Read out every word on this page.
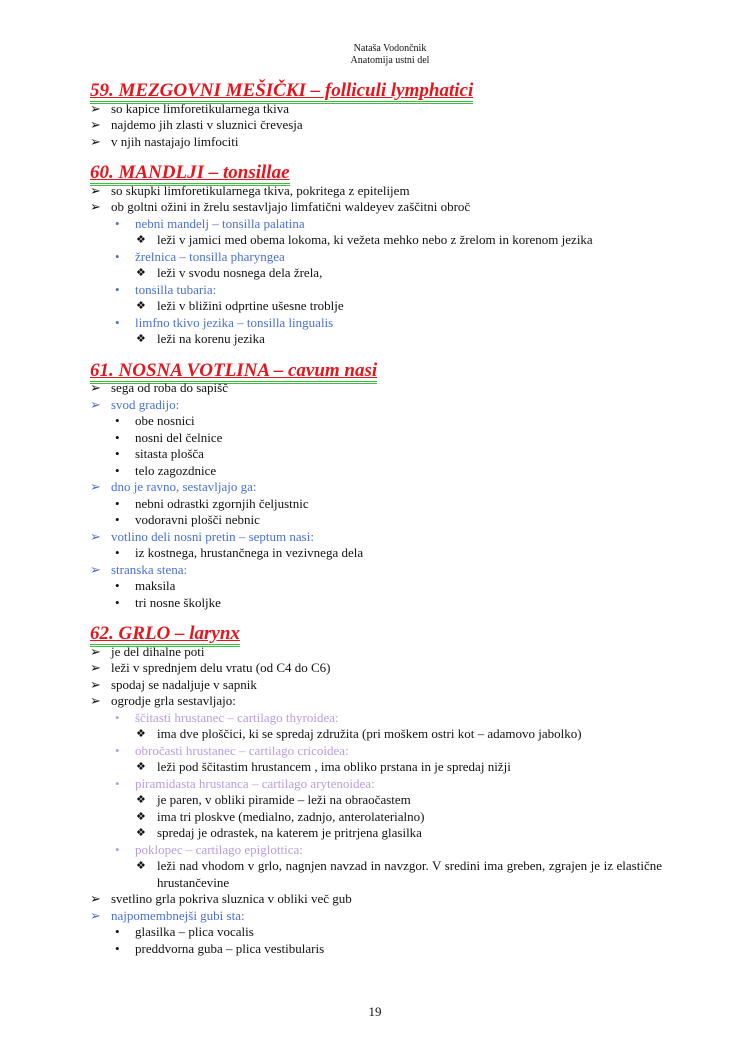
Nataša Vodončnik
Anatomija ustni del
59. MEZGOVNI MEŠIČKI – folliculi lymphatici
➢ so kapice limforetikularnega tkiva
➢ najdemo jih zlasti v sluznici črevesja
➢ v njih nastajajo limfociti
60. MANDLJI – tonsillae
➢ so skupki limforetikularnega tkiva, pokritega z epitelijem
➢ ob goltni ožini in žrelu sestavljajo limfatični waldeyev zaščitni obroč
• nebni mandelj – tonsilla palatina
❖ leži v jamici med obema lokoma, ki vežeta mehko nebo z žrelom in korenom jezika
• žrelnica – tonsilla pharyngea
❖ leži v svodu nosnega dela žrela,
• tonsilla tubaria:
❖ leži v bližini odprtine ušesne troblje
• limfno tkivo jezika – tonsilla lingualis
❖ leži na korenu jezika
61. NOSNA VOTLINA – cavum nasi
➢ sega od roba do sapišč
➢ svod gradijo:
• obe nosnici
• nosni del čelnice
• sitasta plošča
• telo zagozdnice
➢ dno je ravno, sestavljajo ga:
• nebni odrastki zgornjih čeljustnic
• vodoravni plošči nebnic
➢ votlino deli nosni pretin – septum nasi:
• iz kostnega, hrustančnega in vezivnega dela
➢ stranska stena:
• maksila
• tri nosne školjke
62. GRLO – larynx
➢ je del dihalne poti
➢ leži v sprednjem delu vratu (od C4 do C6)
➢ spodaj se nadaljuje v sapnik
➢ ogrodje grla sestavljajo:
• ščitasti hrustanec – cartilago thyroidea:
❖ ima dve ploščici, ki se spredaj združita (pri moškem ostri kot – adamovo jabolko)
• obročasti hrustanec – cartilago cricoidea:
❖ leži pod ščitastim hrustancem , ima obliko prstana in je spredaj nižji
• piramidasta hrustanca – cartilago arytenoidea:
❖ je paren, v obliki piramide – leži na obraočastem
❖ ima tri ploskve (medialno, zadnjo, anterolaterialno)
❖ spredaj je odrastek, na katerem je pritrjena glasilka
• poklopec – cartilago epiglottica:
❖ leži nad vhodom v grlo, nagnjen navzad in navzgor. V sredini ima greben, zgrajen je iz elastične hrustančevine
➢ svetlino grla pokriva sluznica v obliki več gub
➢ najpomembnejši gubi sta:
• glasilka – plica vocalis
• preddvorna guba – plica vestibularis
19
